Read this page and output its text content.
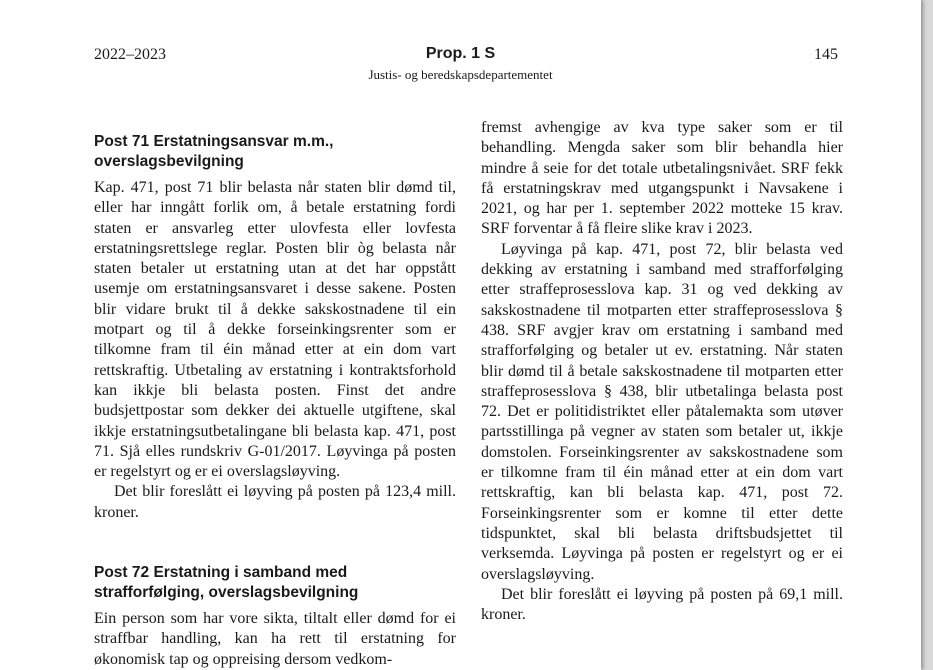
2022–2023	Prop. 1 S
Justis- og beredskapsdepartementet
145
Post 71 Erstatningsansvar m.m., overslagsbevilgning

Kap. 471, post 71 blir belasta når staten blir dømd til, eller har inngått forlik om, å betale erstatning fordi staten er ansvarleg etter ulovfesta eller lovfesta erstatningsrettslege reglar. Posten blir òg belasta når staten betaler ut erstatning utan at det har oppstått usemje om erstatningsansvaret i desse sakene. Posten blir vidare brukt til å dekke sakskostnadene til ein motpart og til å dekke forseinkingsrenter som er tilkomne fram til éin månad etter at ein dom vart rettskraftig. Utbetaling av erstatning i kontraktsforhold kan ikkje bli belasta posten. Finst det andre budsjettpostar som dekker dei aktuelle utgiftene, skal ikkje erstatningsutbetalingane bli belasta kap. 471, post 71. Sjå elles rundskriv G-01/2017. Løyvinga på posten er regelstyrt og er ei overslagsløyving.

Det blir foreslått ei løyving på posten på 123,4 mill. kroner.

Post 72 Erstatning i samband med strafforfølging, overslagsbevilgning

Ein person som har vore sikta, tiltalt eller dømd for ei straffbar handling, kan ha rett til erstatning for økonomisk tap og oppreising dersom vedkom-

fremst avhengige av kva type saker som er til behandling. Mengda saker som blir behandla hier mindre å seie for det totale utbetalingsnivået. SRF fekk få erstatningskrav med utgangspunkt i Navsakene i 2021, og har per 1. september 2022 motteke 15 krav. SRF forventar å få fleire slike krav i 2023.

Løyvinga på kap. 471, post 72, blir belasta ved dekking av erstatning i samband med strafforfølging etter straffeprosesslova kap. 31 og ved dekking av sakskostnadene til motparten etter straffeprosesslova § 438. SRF avgjer krav om erstatning i samband med strafforfølging og betaler ut ev. erstatning. Når staten blir dømd til å betale sakskostnadene til motparten etter straffeprosesslova § 438, blir utbetalinga belasta post 72. Det er politidistriktet eller påtalemakta som utøver partsstillinga på vegner av staten som betaler ut, ikkje domstolen. Forseinkingsrenter av sakskostnadene som er tilkomne fram til éin månad etter at ein dom vart rettskraftig, kan bli belasta kap. 471, post 72. Forseinkingsrenter som er komne til etter dette tidspunktet, skal bli belasta driftsbudsjettet til verksemda. Løyvinga på posten er regelstyrt og er ei overslagsløyving.

Det blir foreslått ei løyving på posten på 69,1 mill. kroner.
